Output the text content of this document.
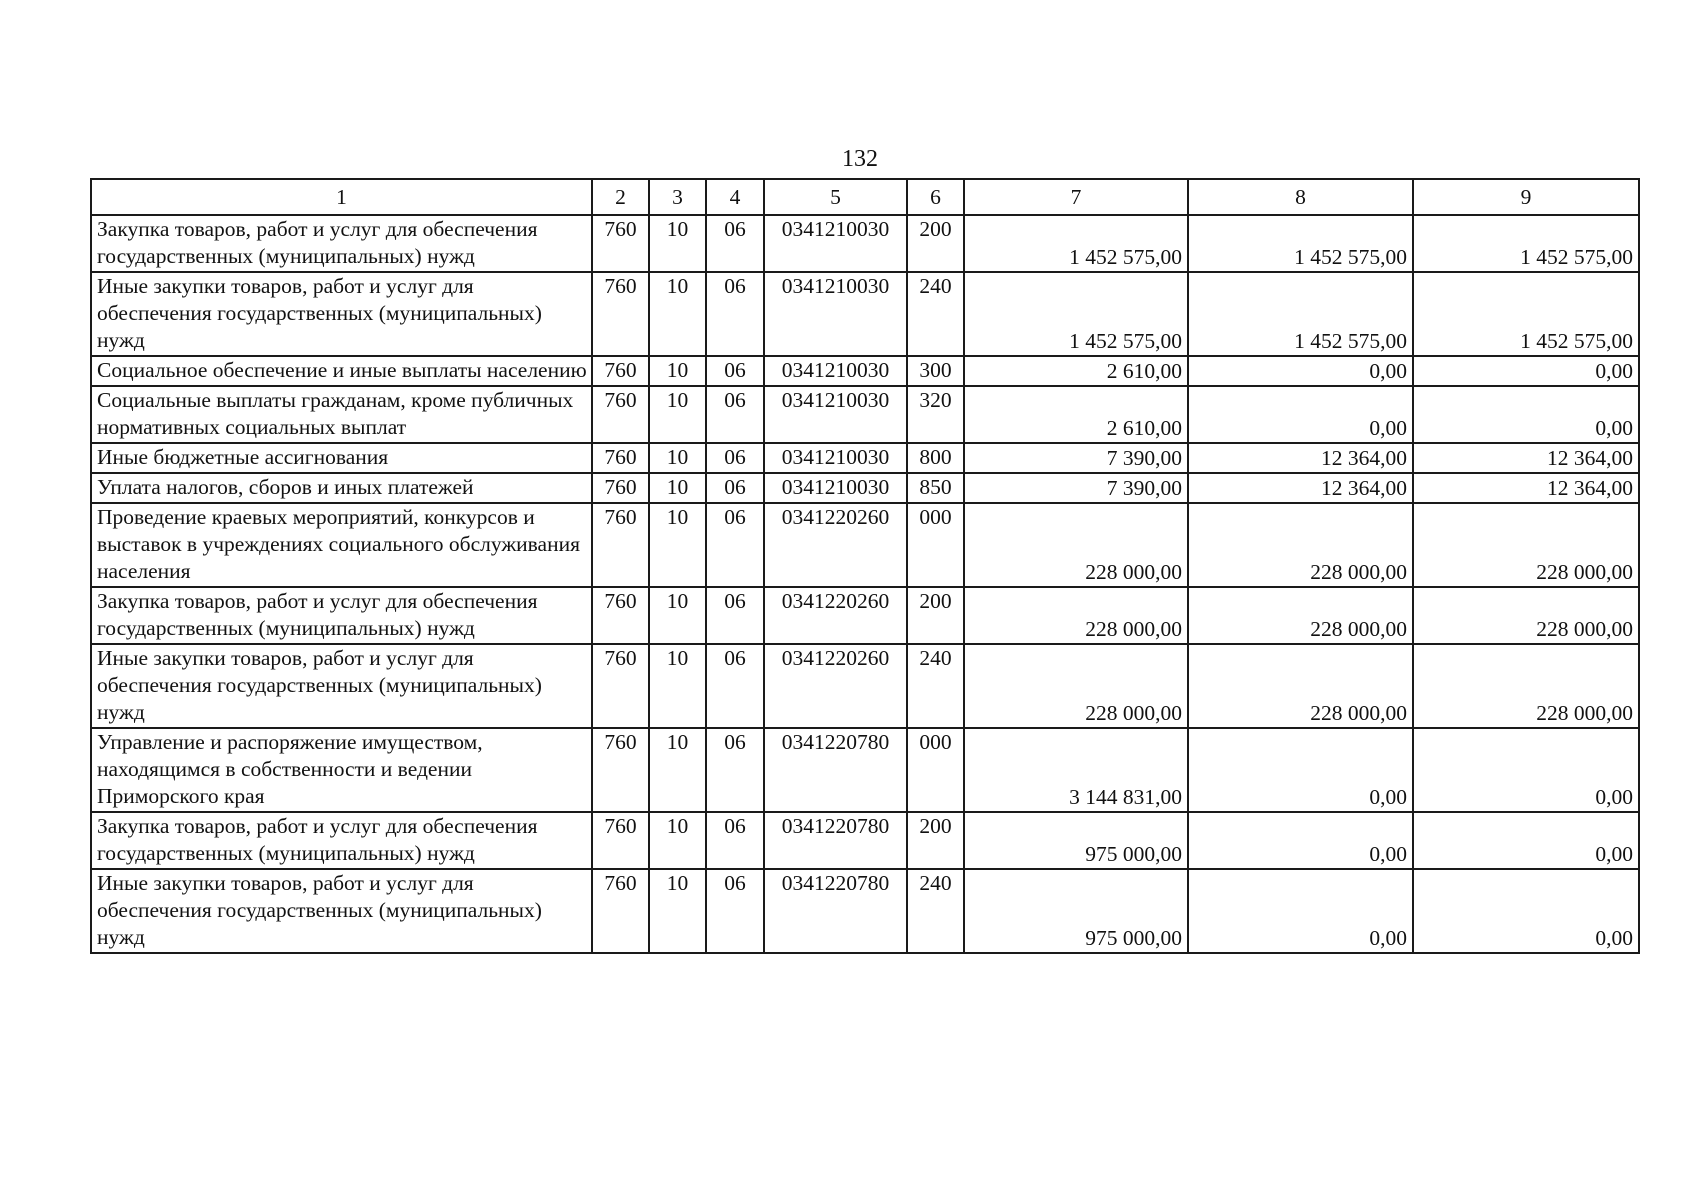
132
1	2	3	4	5	6	7	8	9
Закупка товаров, работ и услуг для обеспечения государственных (муниципальных) нужд	760	10	06	0341210030	200	1 452 575,00	1 452 575,00	1 452 575,00
Иные закупки товаров, работ и услуг для обеспечения государственных (муниципальных) нужд	760	10	06	0341210030	240	1 452 575,00	1 452 575,00	1 452 575,00
Социальное обеспечение и иные выплаты населению	760	10	06	0341210030	300	2 610,00	0,00	0,00
Социальные выплаты гражданам, кроме публичных нормативных социальных выплат	760	10	06	0341210030	320	2 610,00	0,00	0,00
Иные бюджетные ассигнования	760	10	06	0341210030	800	7 390,00	12 364,00	12 364,00
Уплата налогов, сборов и иных платежей	760	10	06	0341210030	850	7 390,00	12 364,00	12 364,00
Проведение краевых мероприятий, конкурсов и выставок в учреждениях социального обслуживания населения	760	10	06	0341220260	000	228 000,00	228 000,00	228 000,00
Закупка товаров, работ и услуг для обеспечения государственных (муниципальных) нужд	760	10	06	0341220260	200	228 000,00	228 000,00	228 000,00
Иные закупки товаров, работ и услуг для обеспечения государственных (муниципальных) нужд	760	10	06	0341220260	240	228 000,00	228 000,00	228 000,00
Управление и распоряжение имуществом, находящимся в собственности и ведении Приморского края	760	10	06	0341220780	000	3 144 831,00	0,00	0,00
Закупка товаров, работ и услуг для обеспечения государственных (муниципальных) нужд	760	10	06	0341220780	200	975 000,00	0,00	0,00
Иные закупки товаров, работ и услуг для обеспечения государственных (муниципальных) нужд	760	10	06	0341220780	240	975 000,00	0,00	0,00
